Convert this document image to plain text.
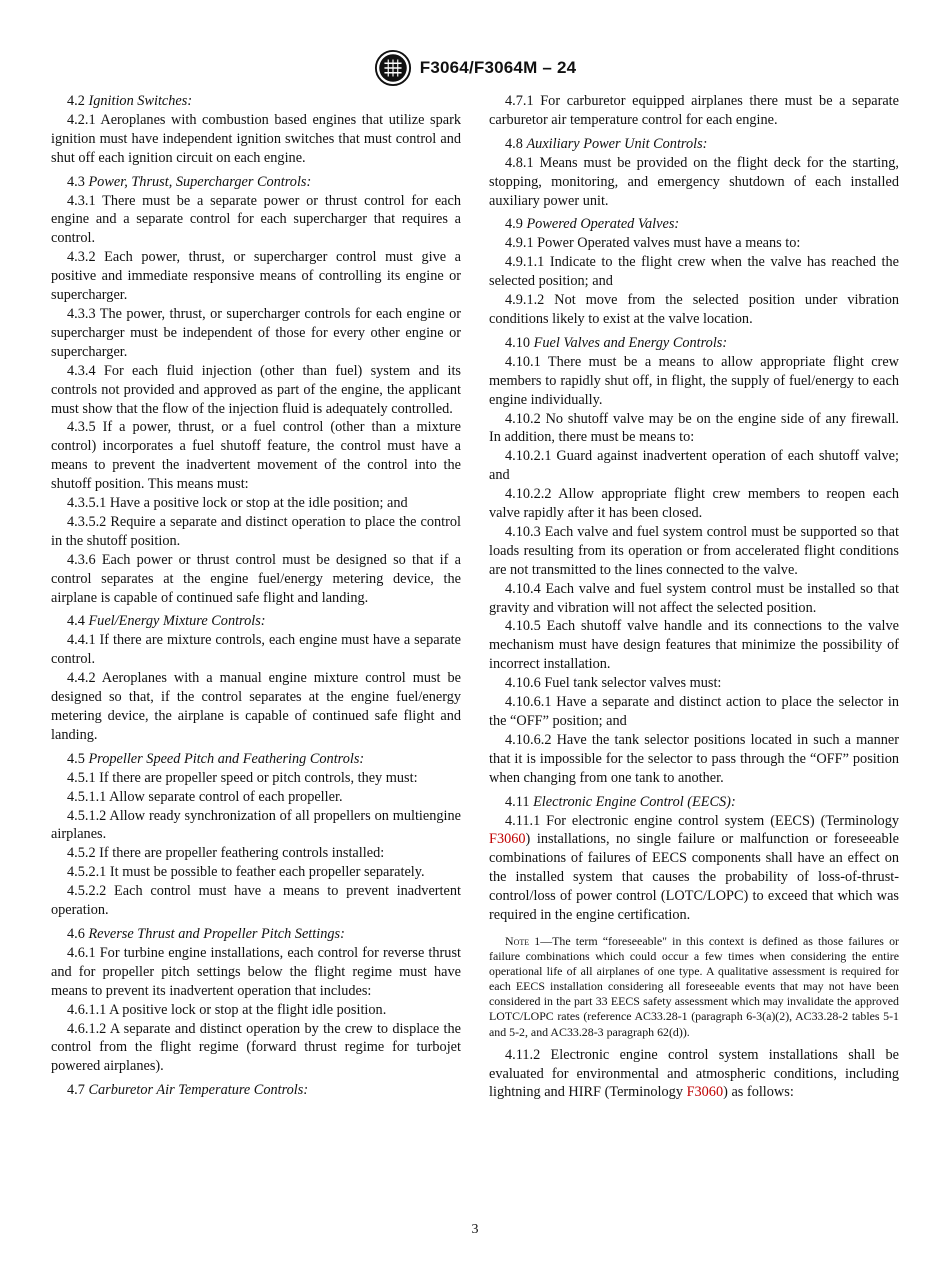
F3064/F3064M – 24

4.2 Ignition Switches:

4.2.1 Aeroplanes with combustion based engines that utilize spark ignition must have independent ignition switches that must control and shut off each ignition circuit on each engine.

4.3 Power, Thrust, Supercharger Controls:

4.3.1 There must be a separate power or thrust control for each engine and a separate control for each supercharger that requires a control.

4.3.2 Each power, thrust, or supercharger control must give a positive and immediate responsive means of controlling its engine or supercharger.

4.3.3 The power, thrust, or supercharger controls for each engine or supercharger must be independent of those for every other engine or supercharger.

4.3.4 For each fluid injection (other than fuel) system and its controls not provided and approved as part of the engine, the applicant must show that the flow of the injection fluid is adequately controlled.

4.3.5 If a power, thrust, or a fuel control (other than a mixture control) incorporates a fuel shutoff feature, the control must have a means to prevent the inadvertent movement of the control into the shutoff position. This means must:

4.3.5.1 Have a positive lock or stop at the idle position; and

4.3.5.2 Require a separate and distinct operation to place the control in the shutoff position.

4.3.6 Each power or thrust control must be designed so that if a control separates at the engine fuel/energy metering device, the airplane is capable of continued safe flight and landing.

4.4 Fuel/Energy Mixture Controls:

4.4.1 If there are mixture controls, each engine must have a separate control.

4.4.2 Aeroplanes with a manual engine mixture control must be designed so that, if the control separates at the engine fuel/energy metering device, the airplane is capable of continued safe flight and landing.

4.5 Propeller Speed Pitch and Feathering Controls:

4.5.1 If there are propeller speed or pitch controls, they must:

4.5.1.1 Allow separate control of each propeller.

4.5.1.2 Allow ready synchronization of all propellers on multiengine airplanes.

4.5.2 If there are propeller feathering controls installed:

4.5.2.1 It must be possible to feather each propeller separately.

4.5.2.2 Each control must have a means to prevent inadvertent operation.

4.6 Reverse Thrust and Propeller Pitch Settings:

4.6.1 For turbine engine installations, each control for reverse thrust and for propeller pitch settings below the flight regime must have means to prevent its inadvertent operation that includes:

4.6.1.1 A positive lock or stop at the flight idle position.

4.6.1.2 A separate and distinct operation by the crew to displace the control from the flight regime (forward thrust regime for turbojet powered airplanes).

4.7 Carburetor Air Temperature Controls:

4.7.1 For carburetor equipped airplanes there must be a separate carburetor air temperature control for each engine.

4.8 Auxiliary Power Unit Controls:

4.8.1 Means must be provided on the flight deck for the starting, stopping, monitoring, and emergency shutdown of each installed auxiliary power unit.

4.9 Powered Operated Valves:

4.9.1 Power Operated valves must have a means to:

4.9.1.1 Indicate to the flight crew when the valve has reached the selected position; and

4.9.1.2 Not move from the selected position under vibration conditions likely to exist at the valve location.

4.10 Fuel Valves and Energy Controls:

4.10.1 There must be a means to allow appropriate flight crew members to rapidly shut off, in flight, the supply of fuel/energy to each engine individually.

4.10.2 No shutoff valve may be on the engine side of any firewall. In addition, there must be means to:

4.10.2.1 Guard against inadvertent operation of each shutoff valve; and

4.10.2.2 Allow appropriate flight crew members to reopen each valve rapidly after it has been closed.

4.10.3 Each valve and fuel system control must be supported so that loads resulting from its operation or from accelerated flight conditions are not transmitted to the lines connected to the valve.

4.10.4 Each valve and fuel system control must be installed so that gravity and vibration will not affect the selected position.

4.10.5 Each shutoff valve handle and its connections to the valve mechanism must have design features that minimize the possibility of incorrect installation.

4.10.6 Fuel tank selector valves must:

4.10.6.1 Have a separate and distinct action to place the selector in the “OFF” position; and

4.10.6.2 Have the tank selector positions located in such a manner that it is impossible for the selector to pass through the “OFF” position when changing from one tank to another.

4.11 Electronic Engine Control (EECS):

4.11.1 For electronic engine control system (EECS) (Terminology F3060) installations, no single failure or malfunction or foreseeable combinations of failures of EECS components shall have an effect on the installed system that causes the probability of loss-of-thrust-control/loss of power control (LOTC/LOPC) to exceed that which was required in the engine certification.

Note 1—The term “foreseeable" in this context is defined as those failures or failure combinations which could occur a few times when considering the entire operational life of all airplanes of one type. A qualitative assessment is required for each EECS installation considering all foreseeable events that may not have been considered in the part 33 EECS safety assessment which may invalidate the approved LOTC/LOPC rates (reference AC33.28-1 (paragraph 6-3(a)(2), AC33.28-2 tables 5-1 and 5-2, and AC33.28-3 paragraph 62(d)).

4.11.2 Electronic engine control system installations shall be evaluated for environmental and atmospheric conditions, including lightning and HIRF (Terminology F3060) as follows:

3
